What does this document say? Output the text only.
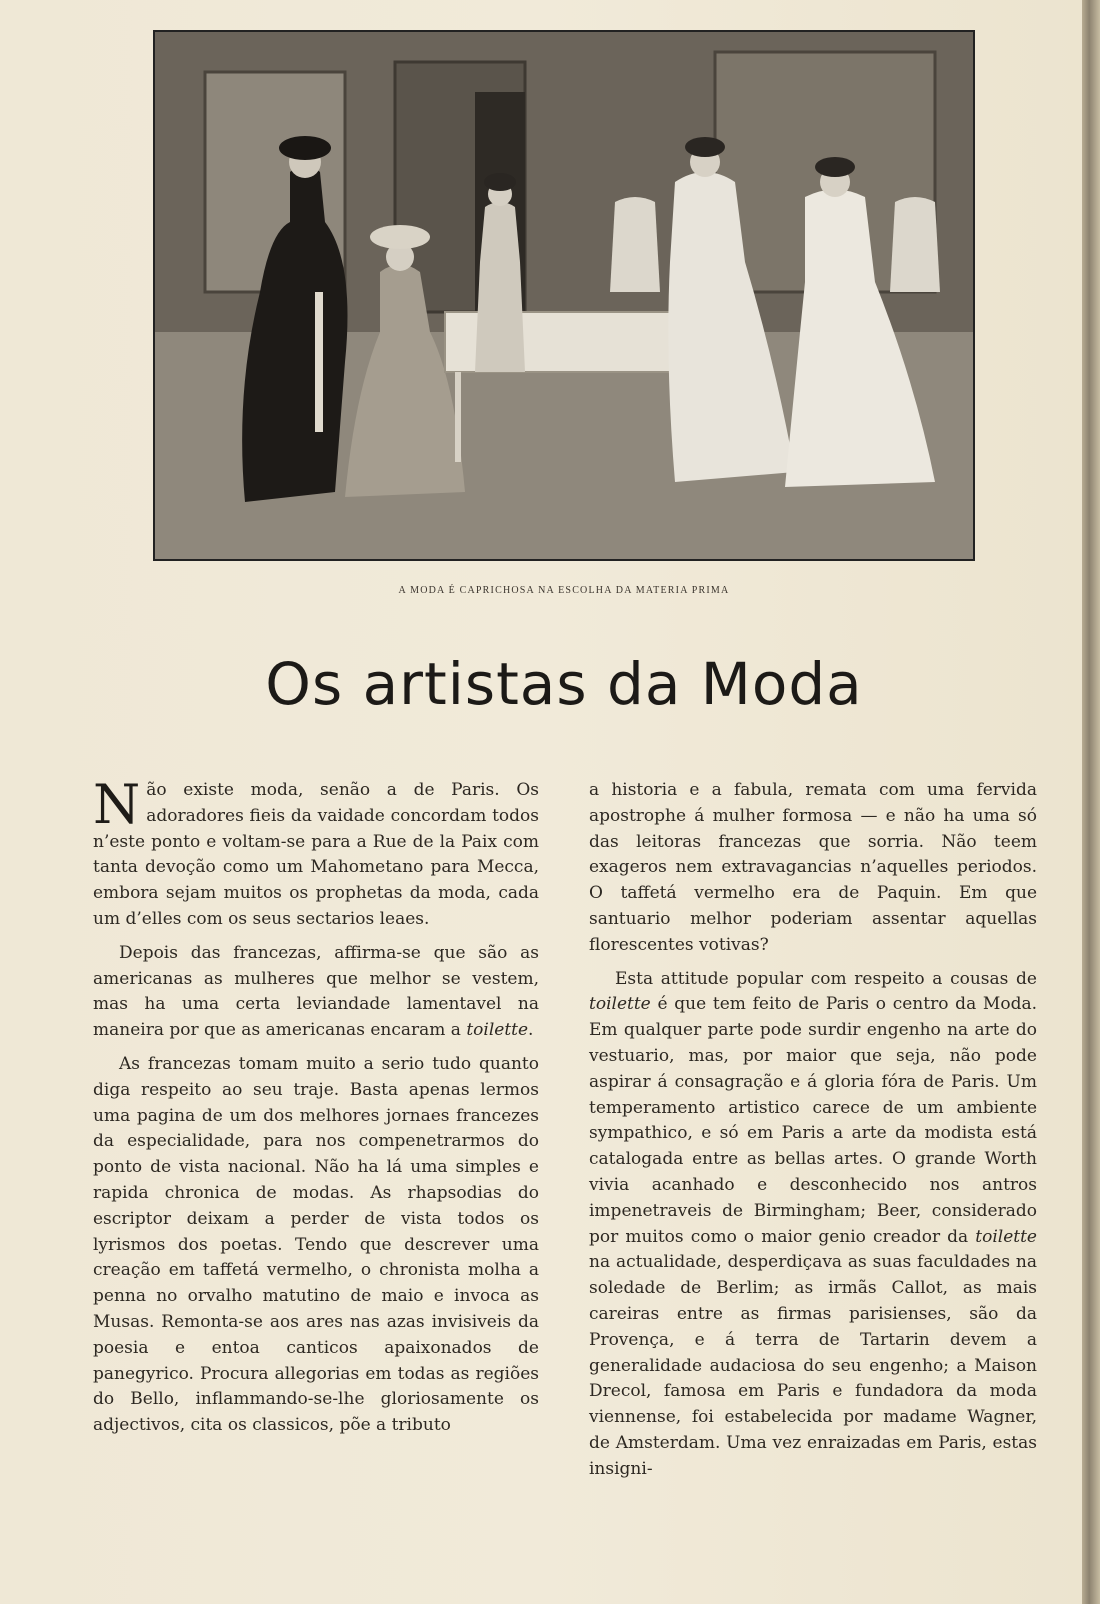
A MODA É CAPRICHOSA NA ESCOLHA DA MATERIA PRIMA
Os artistas da Moda

Não existe moda, senão a de Paris. Os adoradores fieis da vaidade concordam todos n’este ponto e voltam-se para a Rue de la Paix com tanta devoção como um Mahometano para Mecca, embora sejam muitos os prophetas da moda, cada um d’elles com os seus sectarios leaes.

Depois das francezas, affirma-se que são as americanas as mulheres que melhor se vestem, mas ha uma certa leviandade lamentavel na maneira por que as americanas encaram a toilette.

As francezas tomam muito a serio tudo quanto diga respeito ao seu traje. Basta apenas lermos uma pagina de um dos melhores jornaes francezes da especialidade, para nos compenetrarmos do ponto de vista nacional. Não ha lá uma simples e rapida chronica de modas. As rhapsodias do escriptor deixam a perder de vista todos os lyrismos dos poetas. Tendo que descrever uma creação em taffetá vermelho, o chronista molha a penna no orvalho matutino de maio e invoca as Musas. Remonta-se aos ares nas azas invisiveis da poesia e entoa canticos apaixonados de panegyrico. Procura allegorias em todas as regiões do Bello, inflammando-se-lhe gloriosamente os adjectivos, cita os classicos, põe a tributo

a historia e a fabula, remata com uma fervida apostrophe á mulher formosa — e não ha uma só das leitoras francezas que sorria. Não teem exageros nem extravagancias n’aquelles periodos. O taffetá vermelho era de Paquin. Em que santuario melhor poderiam assentar aquellas florescentes votivas?

Esta attitude popular com respeito a cousas de toilette é que tem feito de Paris o centro da Moda. Em qualquer parte pode surdir engenho na arte do vestuario, mas, por maior que seja, não pode aspirar á consagração e á gloria fóra de Paris. Um temperamento artistico carece de um ambiente sympathico, e só em Paris a arte da modista está catalogada entre as bellas artes. O grande Worth vivia acanhado e desconhecido nos antros impenetraveis de Birmingham; Beer, considerado por muitos como o maior genio creador da toilette na actualidade, desperdiçava as suas faculdades na soledade de Berlim; as irmãs Callot, as mais careiras entre as firmas parisienses, são da Provença, e á terra de Tartarin devem a generalidade audaciosa do seu engenho; a Maison Drecol, famosa em Paris e fundadora da moda viennense, foi estabelecida por madame Wagner, de Amsterdam. Uma vez enraizadas em Paris, estas insigni-
